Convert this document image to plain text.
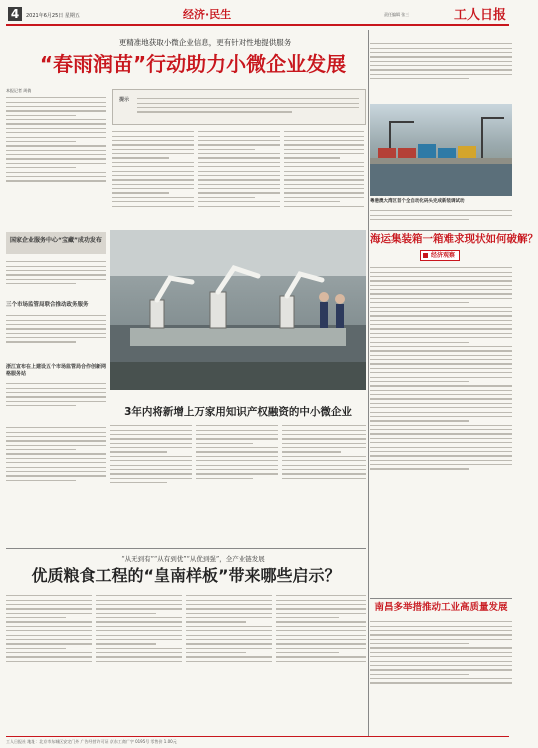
4	2021年6月25日 星期五	经济·民生	责任编辑 张三	工人日报
更精准地获取小微企业信息，更有针对性地提供服务
“春雨润苗”行动助力小微企业发展
本报记者 周倩
提示
国家企业服务中心“宝藏”成功发布
三个市场监管局联合推动政务服务
浙江宣布在上建设五个市场监管局合作创新网格服务站
粤港澳大湾区首个全自动化码头完成新装调试动
海运集装箱一箱难求现状如何破解？
经济观察
3年内将新增上万家用知识产权融资的中小微企业
“从无到有”“从有到优”“从优到强”，全产业链发展
优质粮食工程的“皇南样板”带来哪些启示？
南昌多举措推动工业高质量发展
工人日报社 地址：北京市东城区安定门外 广告经营许可证 京东工商广字 0195号 零售价 1.00元
